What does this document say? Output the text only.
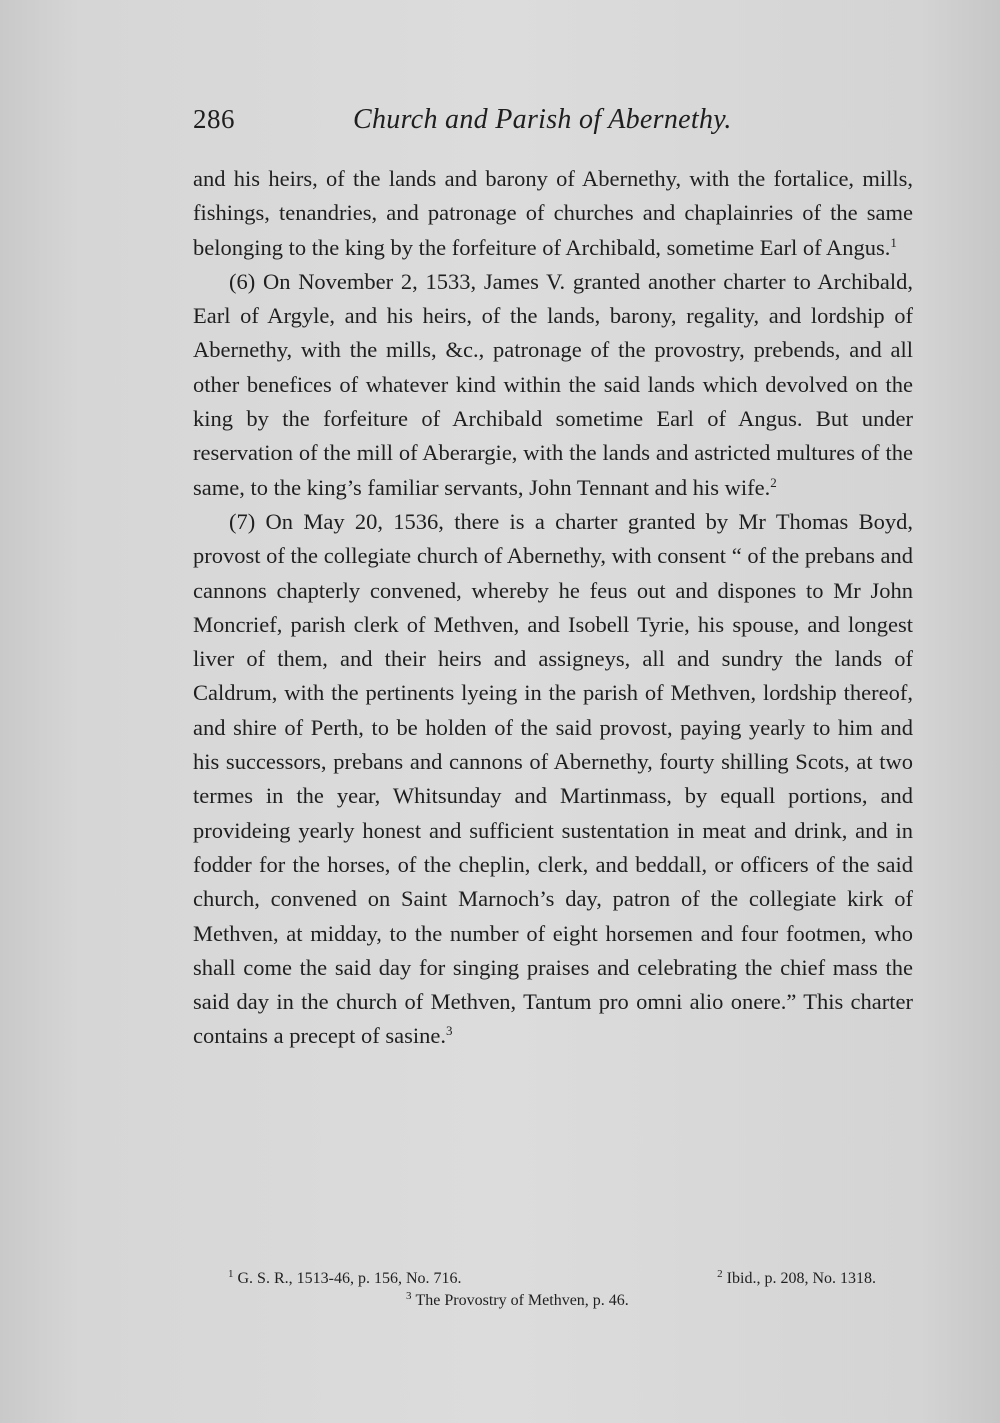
286	Church and Parish of Abernethy.

and his heirs, of the lands and barony of Abernethy, with the fortalice, mills, fishings, tenandries, and patronage of churches and chaplainries of the same belonging to the king by the forfeiture of Archibald, sometime Earl of Angus.$^1$

(6) On November 2, 1533, James V. granted another charter to Archibald, Earl of Argyle, and his heirs, of the lands, barony, regality, and lordship of Abernethy, with the mills, &c., patronage of the provostry, prebends, and all other benefices of whatever kind within the said lands which devolved on the king by the forfeiture of Archibald sometime Earl of Angus. But under reservation of the mill of Aberargie, with the lands and astricted multures of the same, to the king’s familiar servants, John Tennant and his wife.$^2$

(7) On May 20, 1536, there is a charter granted by Mr Thomas Boyd, provost of the collegiate church of Abernethy, with consent “ of the prebans and cannons chapterly convened, whereby he feus out and dispones to Mr John Moncrief, parish clerk of Methven, and Isobell Tyrie, his spouse, and longest liver of them, and their heirs and assigneys, all and sundry the lands of Caldrum, with the pertinents lyeing in the parish of Methven, lordship thereof, and shire of Perth, to be holden of the said provost, paying yearly to him and his successors, prebans and cannons of Abernethy, fourty shilling Scots, at two termes in the year, Whitsunday and Martinmass, by equall portions, and provideing yearly honest and sufficient sustentation in meat and drink, and in fodder for the horses, of the cheplin, clerk, and beddall, or officers of the said church, convened on Saint Marnoch’s day, patron of the collegiate kirk of Methven, at midday, to the number of eight horsemen and four footmen, who shall come the said day for singing praises and celebrating the chief mass the said day in the church of Methven, Tantum pro omni alio onere.” This charter contains a precept of sasine.$^3$

$^1$ G. S. R., 1513-46, p. 156, No. 716.	$^2$ Ibid., p. 208, No. 1318.
$^3$ The Provostry of Methven, p. 46.
